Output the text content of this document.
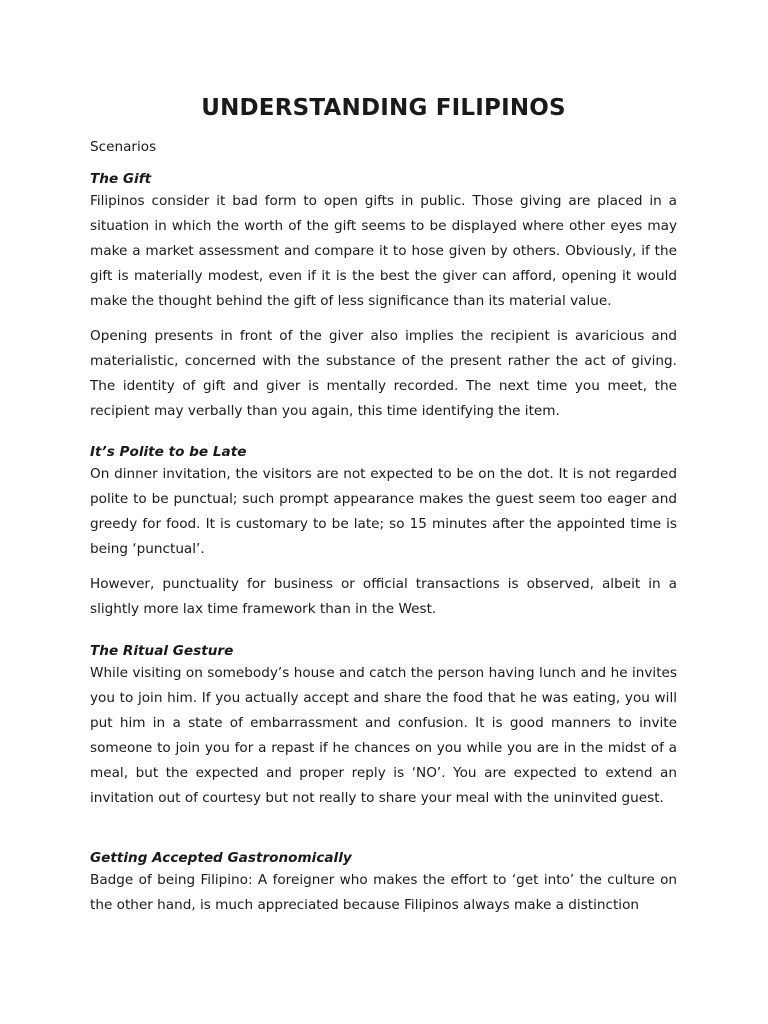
UNDERSTANDING FILIPINOS

Scenarios

The Gift

Filipinos consider it bad form to open gifts in public. Those giving are placed in a situation in which the worth of the gift seems to be displayed where other eyes may make a market assessment and compare it to hose given by others. Obviously, if the gift is materially modest, even if it is the best the giver can afford, opening it would make the thought behind the gift of less significance than its material value.

Opening presents in front of the giver also implies the recipient is avaricious and materialistic, concerned with the substance of the present rather the act of giving. The identity of gift and giver is mentally recorded. The next time you meet, the recipient may verbally than you again, this time identifying the item.

It’s Polite to be Late

On dinner invitation, the visitors are not expected to be on the dot. It is not regarded polite to be punctual; such prompt appearance makes the guest seem too eager and greedy for food. It is customary to be late; so 15 minutes after the appointed time is being ‘punctual’.

However, punctuality for business or official transactions is observed, albeit in a slightly more lax time framework than in the West.

The Ritual Gesture

While visiting on somebody’s house and catch the person having lunch and he invites you to join him. If you actually accept and share the food that he was eating, you will put him in a state of embarrassment and confusion. It is good manners to invite someone to join you for a repast if he chances on you while you are in the midst of a meal, but the expected and proper reply is ‘NO’. You are expected to extend an invitation out of courtesy but not really to share your meal with the uninvited guest.

Getting Accepted Gastronomically

Badge of being Filipino: A foreigner who makes the effort to ‘get into’ the culture on the other hand, is much appreciated because Filipinos always make a distinction
